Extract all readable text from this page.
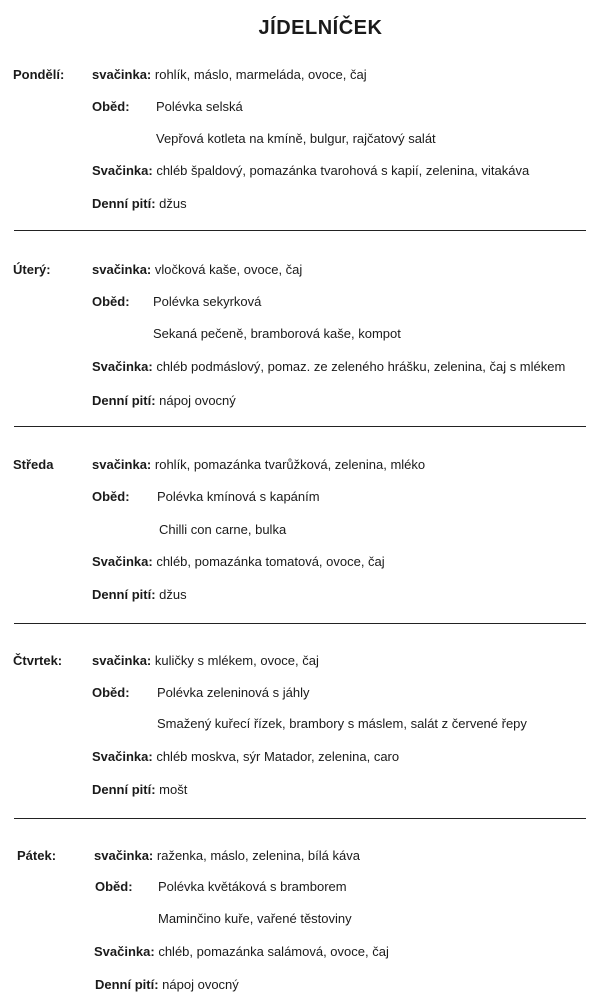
JÍDELNÍČEK
Pondělí: svačinka: rohlík, máslo, marmeláda, ovoce, čaj
Oběd: Polévka selská
Vepřová kotleta na kmíně, bulgur, rajčatový salát
Svačinka: chléb špaldový, pomazánka tvarohová s kapií, zelenina, vitakáva
Denní pití: džus
Úterý:	svačinka: vločková kaše, ovoce, čaj
Oběd: Polévka sekyrková
Sekaná pečeně, bramborová kaše, kompot
Svačinka: chléb podmáslový, pomaz. ze zeleného hrášku, zelenina, čaj s mlékem
Denní pití: nápoj ovocný
Středa	svačinka: rohlík, pomazánka tvarůžková, zelenina, mléko
Oběd: Polévka kmínová s kapáním
Chilli con carne, bulka
Svačinka: chléb, pomazánka tomatová, ovoce, čaj
Denní pití: džus
Čtvrtek: svačinka: kuličky s mlékem, ovoce, čaj
Oběd: Polévka zeleninová s jáhly
Smažený kuřecí řízek, brambory s máslem, salát z červené řepy
Svačinka: chléb moskva, sýr Matador, zelenina, caro
Denní pití: mošt
Pátek:	svačinka: raženka, máslo, zelenina, bílá káva
Oběd: Polévka květáková s bramborem
Maminčino kuře, vařené těstoviny
Svačinka: chléb, pomazánka salámová, ovoce, čaj
Denní pití: nápoj ovocný
